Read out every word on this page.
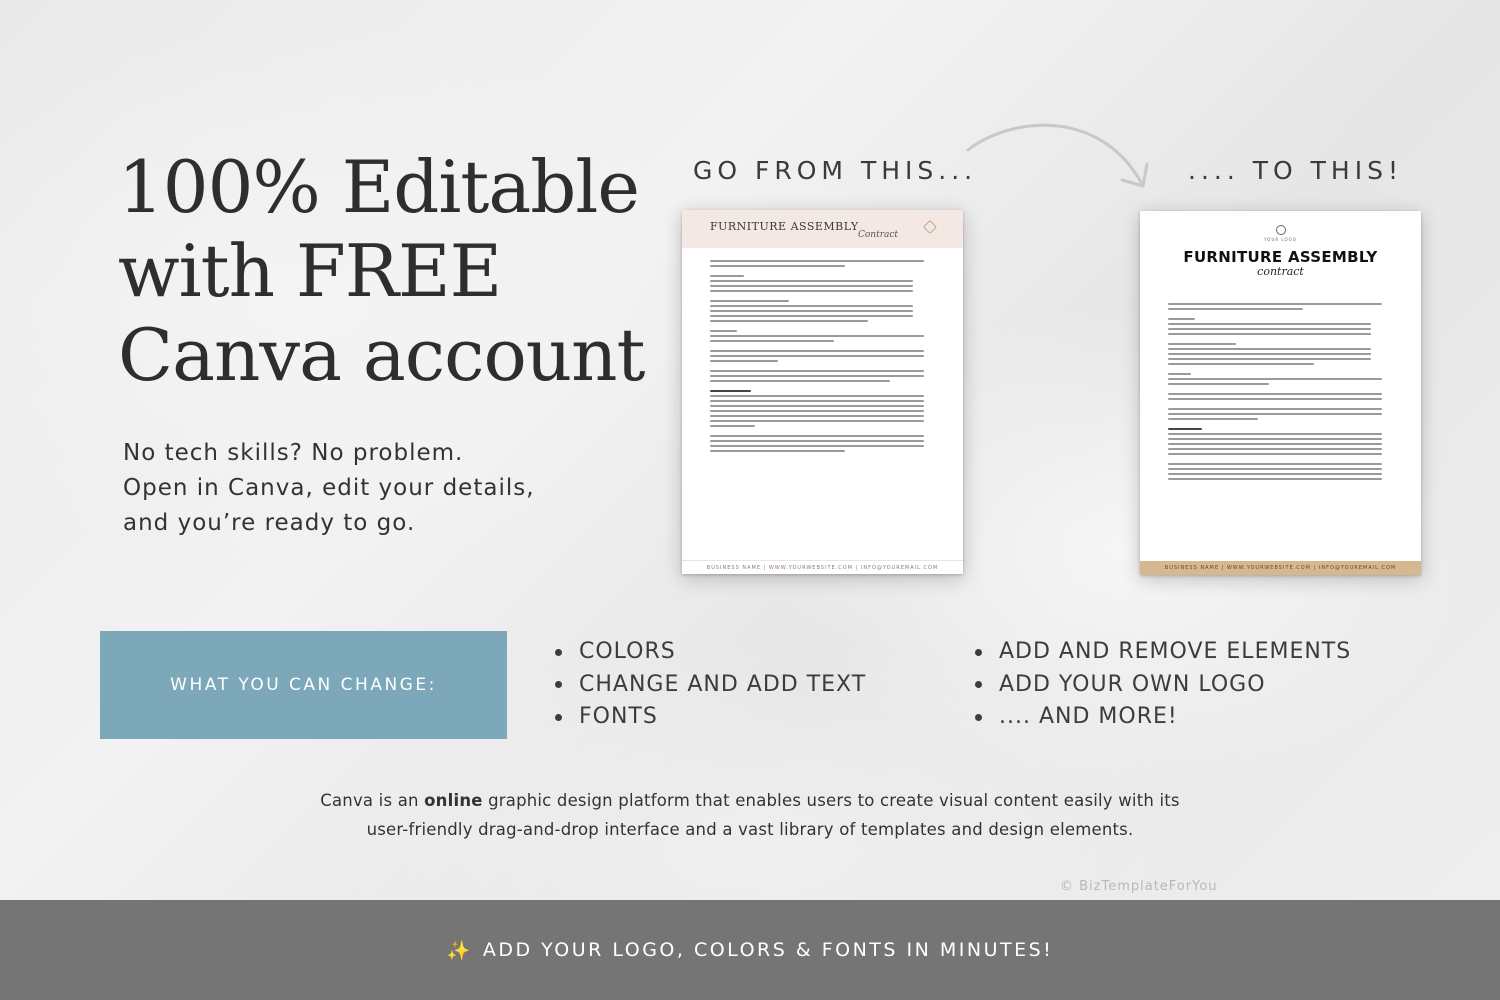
100% Editable
with FREE
Canva account
No tech skills? No problem.
Open in Canva, edit your details,
and you’re ready to go.
GO FROM THIS...	.... TO THIS!
FURNITURE ASSEMBLY
Contract
BUSINESS NAME | WWW.YOURWEBSITE.COM | INFO@YOUREMAIL.COM
YOUR LOGO
FURNITURE ASSEMBLY
contract
BUSINESS NAME | WWW.YOURWEBSITE.COM | INFO@YOUREMAIL.COM
WHAT YOU CAN CHANGE:
COLORS
CHANGE AND ADD TEXT
FONTS
ADD AND REMOVE ELEMENTS
ADD YOUR OWN LOGO
.... AND MORE!
Canva is an online graphic design platform that enables users to create visual content easily with its
user-friendly drag-and-drop interface and a vast library of templates and design elements.
© BizTemplateForYou
✨ ADD YOUR LOGO, COLORS & FONTS IN MINUTES!
